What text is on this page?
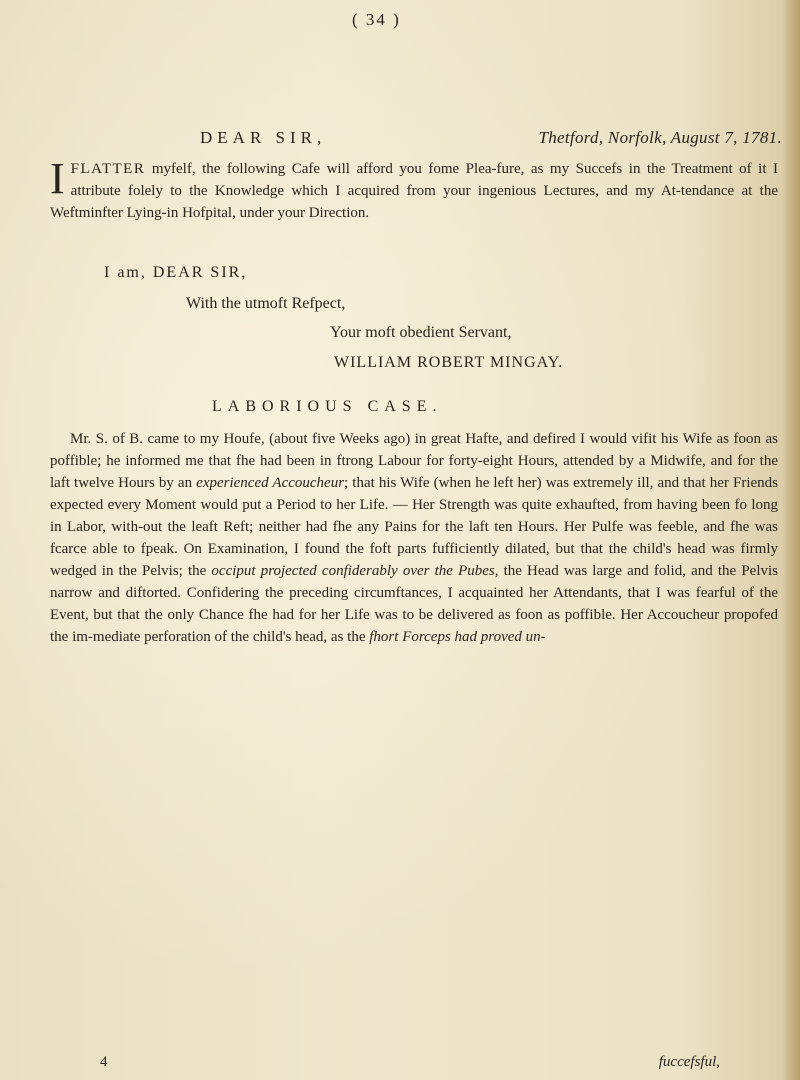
( 34 )
DEAR SIR,	Thetford, Norfolk, August 7, 1781.
IFLATTER myfelf, the following Cafe will afford you fome Plea-fure, as my Succefs in the Treatment of it I attribute folely to the Knowledge which I acquired from your ingenious Lectures, and my At-tendance at the Weftminfter Lying-in Hofpital, under your Direction.
I am, DEAR SIR,
With the utmoft Refpect,
Your moft obedient Servant,
WILLIAM ROBERT MINGAY.
LABORIOUS CASE.
Mr. S. of B. came to my Houfe, (about five Weeks ago) in great Hafte, and defired I would vifit his Wife as foon as poffible; he informed me that fhe had been in ftrong Labour for forty-eight Hours, attended by a Midwife, and for the laft twelve Hours by an experienced Accoucheur; that his Wife (when he left her) was extremely ill, and that her Friends expected every Moment would put a Period to her Life. — Her Strength was quite exhaufted, from having been fo long in Labor, with-out the leaft Reft; neither had fhe any Pains for the laft ten Hours. Her Pulfe was feeble, and fhe was fcarce able to fpeak. On Examination, I found the foft parts fufficiently dilated, but that the child's head was firmly wedged in the Pelvis; the occiput projected confiderably over the Pubes, the Head was large and folid, and the Pelvis narrow and diftorted. Confidering the preceding circumftances, I acquainted her Attendants, that I was fearful of the Event, but that the only Chance fhe had for her Life was to be delivered as foon as poffible. Her Accoucheur propofed the im-mediate perforation of the child's head, as the fhort Forceps had proved un-
4	fuccefsful,
